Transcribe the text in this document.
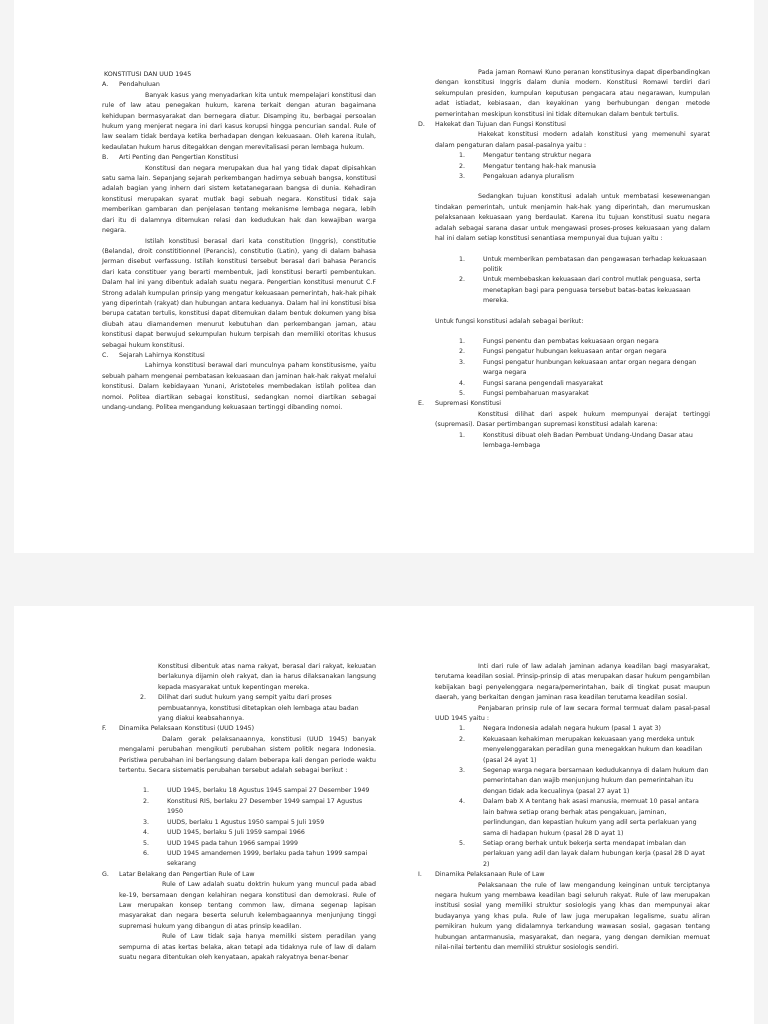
KONSTITUSI DAN UUD 1945

A.	Pendahuluan

Banyak kasus yang menyadarkan kita untuk mempelajari konstitusi dan rule of law atau penegakan hukum, karena terkait dengan aturan bagaimana kehidupan bermasyarakat dan bernegara diatur. Disamping itu, berbagai persoalan hukum yang menjerat negara ini dari kasus korupsi hingga pencurian sandal. Rule of law sealam tidak berdaya ketika berhadapan dengan kekuasaan. Oleh karena itulah, kedaulatan hukum harus ditegakkan dengan merevitalisasi peran lembaga hukum.

B.	Arti Penting dan Pengertian Konstitusi

Konstitusi dan negara merupakan dua hal yang tidak dapat dipisahkan satu sama lain. Sepanjang sejarah perkembangan hadirnya sebuah bangsa, konstitusi adalah bagian yang inhern dari sistem ketatanegaraan bangsa di dunia. Kehadiran konstitusi merupakan syarat mutlak bagi sebuah negara. Konstitusi tidak saja memberikan gambaran dan penjelasan tentang mekanisme lembaga negara, lebih dari itu di dalamnya ditemukan relasi dan kedudukan hak dan kewajiban warga negara.

Istilah konstitusi berasal dari kata constitution (Inggris), constitutie (Belanda), droit constititionnel (Perancis), constitutio (Latin), yang di dalam bahasa Jerman disebut verfassung. Istilah konstitusi tersebut berasal dari bahasa Perancis dari kata constituer yang berarti membentuk, jadi konstitusi berarti pembentukan. Dalam hal ini yang dibentuk adalah suatu negara. Pengertian konstitusi menurut C.F Strong adalah kumpulan prinsip yang mengatur kekuasaan pemerintah, hak-hak pihak yang diperintah (rakyat) dan hubungan antara keduanya. Dalam hal ini konstitusi bisa berupa catatan tertulis, konstitusi dapat ditemukan dalam bentuk dokumen yang bisa diubah atau diamandemen menurut kebutuhan dan perkembangan jaman, atau konstitusi dapat berwujud sekumpulan hukum terpisah dan memiliki otoritas khusus sebagai hukum konstitusi.

C.	Sejarah Lahirnya Konstitusi

Lahirnya konstitusi berawal dari munculnya paham konstitusisme, yaitu sebuah paham mengenai pembatasan kekuasaan dan jaminan hak-hak rakyat melalui konstitusi. Dalam kebidayaan Yunani, Aristoteles membedakan istilah politea dan nomoi. Politea diartikan sebagai konstitusi, sedangkan nomoi diartikan sebagai undang-undang. Politea mengandung kekuasaan tertinggi dibanding nomoi.

Pada jaman Romawi Kuno peranan konstitusinya dapat diperbandingkan dengan konstitusi Inggris dalam dunia modern. Konstitusi Romawi terdiri dari sekumpulan presiden, kumpulan keputusan pengacara atau negarawan, kumpulan adat istiadat, kebiasaan, dan keyakinan yang berhubungan dengan metode pemerintahan meskipun konstitusi ini tidak ditemukan dalam bentuk tertulis.

D.	Hakekat dan Tujuan dan Fungsi Konstitusi

Hakekat konstitusi modern adalah konstitusi yang memenuhi syarat dalam pengaturan dalam pasal-pasalnya yaitu :

1.	Mengatur tentang struktur negara
2.	Mengatur tentang hak-hak manusia
3.	Pengakuan adanya pluralism

Sedangkan tujuan konstitusi adalah untuk membatasi kesewenangan tindakan pemerintah, untuk menjamin hak-hak yang diperintah, dan merumuskan pelaksanaan kekuasaan yang berdaulat. Karena itu tujuan konstitusi suatu negara adalah sebagai sarana dasar untuk mengawasi proses-proses kekuasaan yang dalam hal ini dalam setiap konstitusi senantiasa mempunyai dua tujuan yaitu :

1.	Untuk memberikan pembatasan dan pengawasan terhadap kekuasaan politik
2.	Untuk membebaskan kekuasaan dari control mutlak penguasa, serta menetapkan bagi para penguasa tersebut batas-batas kekuasaan mereka.

Untuk fungsi konstitusi adalah sebagai berikut:

1.	Fungsi penentu dan pembatas kekuasaan organ negara
2.	Fungsi pengatur hubungan kekuasaan antar organ negara
3.	Fungsi pengatur hunbungan kekuasaan antar organ negara dengan warga negara
4.	Fungsi sarana pengendali masyarakat
5.	Fungsi pembaharuan masyarakat
E.	Supremasi Konstitusi

Konstitusi dilihat dari aspek hukum mempunyai derajat tertinggi (supremasi). Dasar pertimbangan supremasi konstitusi adalah karena:

1.	Konstitusi dibuat oleh Badan Pembuat Undang-Undang Dasar atau lembaga-lembaga

Konstitusi dibentuk atas nama rakyat, berasal dari rakyat, kekuatan berlakunya dijamin oleh rakyat, dan ia harus dilaksanakan langsung kepada masyarakat untuk kepentingan mereka.

2. Dilihat dari sudut hukum yang sempit yaitu dari proses pembuatannya, konstitusi ditetapkan oleh lembaga atau badan yang diakui keabsahannya.
F.	Dinamika Pelaksaan Konstitusi (UUD 1945)

Dalam gerak pelaksanaannya, konstitusi (UUD 1945) banyak mengalami perubahan mengikuti perubahan sistem politik negara Indonesia. Peristiwa perubahan ini berlangsung dalam beberapa kali dengan periode waktu tertentu. Secara sistematis perubahan tersebut adalah sebagai berikut :

1.	UUD 1945, berlaku 18 Agustus 1945 sampai 27 Desember 1949
2.	Konstitusi RIS, berlaku 27 Desember 1949 sampai 17 Agustus 1950
3.	UUDS, berlaku 1 Agustus 1950 sampai 5 Juli 1959
4.	UUD 1945, berlaku 5 Juli 1959 sampai 1966
5.	UUD 1945 pada tahun 1966 sampai 1999
6.	UUD 1945 amandemen 1999, berlaku pada tahun 1999 sampai sekarang
G.	Latar Belakang dan Pengertian Rule of Law

Rule of Law adalah suatu doktrin hukum yang muncul pada abad ke-19, bersamaan dengan kelahiran negara konstitusi dan demokrasi. Rule of Law merupakan konsep tentang common law, dimana segenap lapisan masyarakat dan negara beserta seluruh kelembagaannya menjunjung tinggi supremasi hukum yang dibangun di atas prinsip keadilan.

Rule of Law tidak saja hanya memiliki sistem peradilan yang sempurna di atas kertas belaka, akan tetapi ada tidaknya rule of law di dalam suatu negara ditentukan oleh kenyataan, apakah rakyatnya benar-benar

Inti dari rule of law adalah jaminan adanya keadilan bagi masyarakat, terutama keadilan sosial. Prinsip-prinsip di atas merupakan dasar hukum pengambilan kebijakan bagi penyelenggara negara/pemerintahan, baik di tingkat pusat maupun daerah, yang berkaitan dengan jaminan rasa keadilan terutama keadilan sosial.

Penjabaran prinsip rule of law secara formal termuat dalam pasal-pasal UUD 1945 yaitu :

1.	Negara Indonesia adalah negara hukum (pasal 1 ayat 3)
2.	Kekuasaan kehakiman merupakan kekuasaan yang merdeka untuk menyelenggarakan peradilan guna menegakkan hukum dan keadilan (pasal 24 ayat 1)
3.	Segenap warga negara bersamaan kedudukannya di dalam hukum dan pemerintahan dan wajib menjunjung hukum dan pemerintahan itu dengan tidak ada kecualinya (pasal 27 ayat 1)
4.	Dalam bab X A tentang hak asasi manusia, memuat 10 pasal antara lain bahwa setiap orang berhak atas pengakuan, jaminan, perlindungan, dan kepastian hukum yang adil serta perlakuan yang sama di hadapan hukum (pasal 28 D ayat 1)
5.	Setiap orang berhak untuk bekerja serta mendapat imbalan dan perlakuan yang adil dan layak dalam hubungan kerja (pasal 28 D ayat 2)
I.	Dinamika Pelaksanaan Rule of Law

Pelaksanaan the rule of law mengandung keinginan untuk terciptanya negara hukum yang membawa keadilan bagi seluruh rakyat. Rule of law merupakan institusi sosial yang memiliki struktur sosiologis yang khas dan mempunyai akar budayanya yang khas pula. Rule of law juga merupakan legalisme, suatu aliran pemikiran hukum yang didalamnya terkandung wawasan sosial, gagasan tentang hubungan antarmanusia, masyarakat, dan negara, yang dengan demikian memuat nilai-nilai tertentu dan memiliki struktur sosiologis sendiri.
